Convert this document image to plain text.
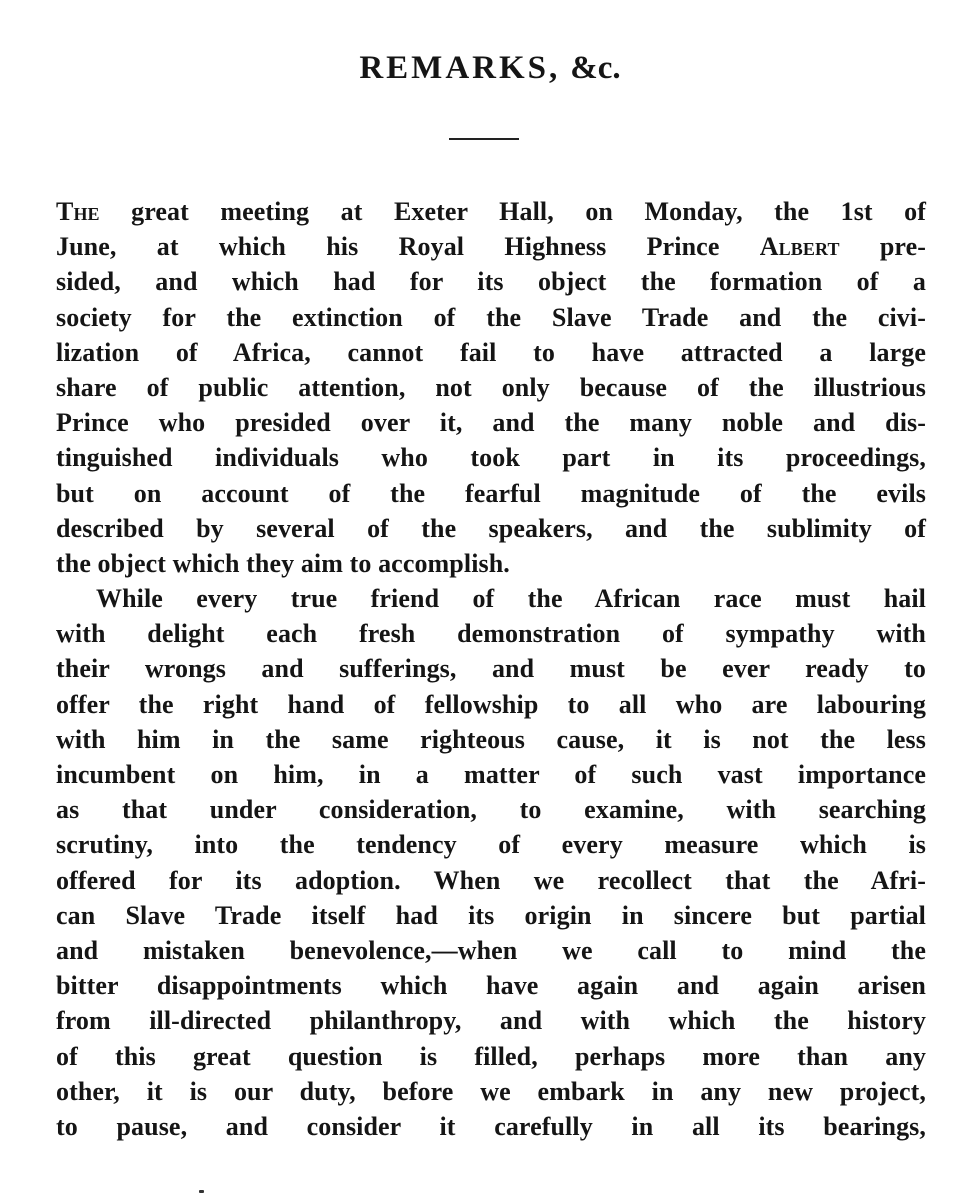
REMARKS, &c.
The great meeting at Exeter Hall, on Monday, the 1st of
June, at which his Royal Highness Prince Albert pre-
sided, and which had for its object the formation of a
society for the extinction of the Slave Trade and the civi-
lization of Africa, cannot fail to have attracted a large
share of public attention, not only because of the illustrious
Prince who presided over it, and the many noble and dis-
tinguished individuals who took part in its proceedings,
but on account of the fearful magnitude of the evils
described by several of the speakers, and the sublimity of
the object which they aim to accomplish.
While every true friend of the African race must hail
with delight each fresh demonstration of sympathy with
their wrongs and sufferings, and must be ever ready to
offer the right hand of fellowship to all who are labouring
with him in the same righteous cause, it is not the less
incumbent on him, in a matter of such vast importance
as that under consideration, to examine, with searching
scrutiny, into the tendency of every measure which is
offered for its adoption. When we recollect that the Afri-
can Slave Trade itself had its origin in sincere but partial
and mistaken benevolence,—when we call to mind the
bitter disappointments which have again and again arisen
from ill-directed philanthropy, and with which the history
of this great question is filled, perhaps more than any
other, it is our duty, before we embark in any new project,
to pause, and consider it carefully in all its bearings,
